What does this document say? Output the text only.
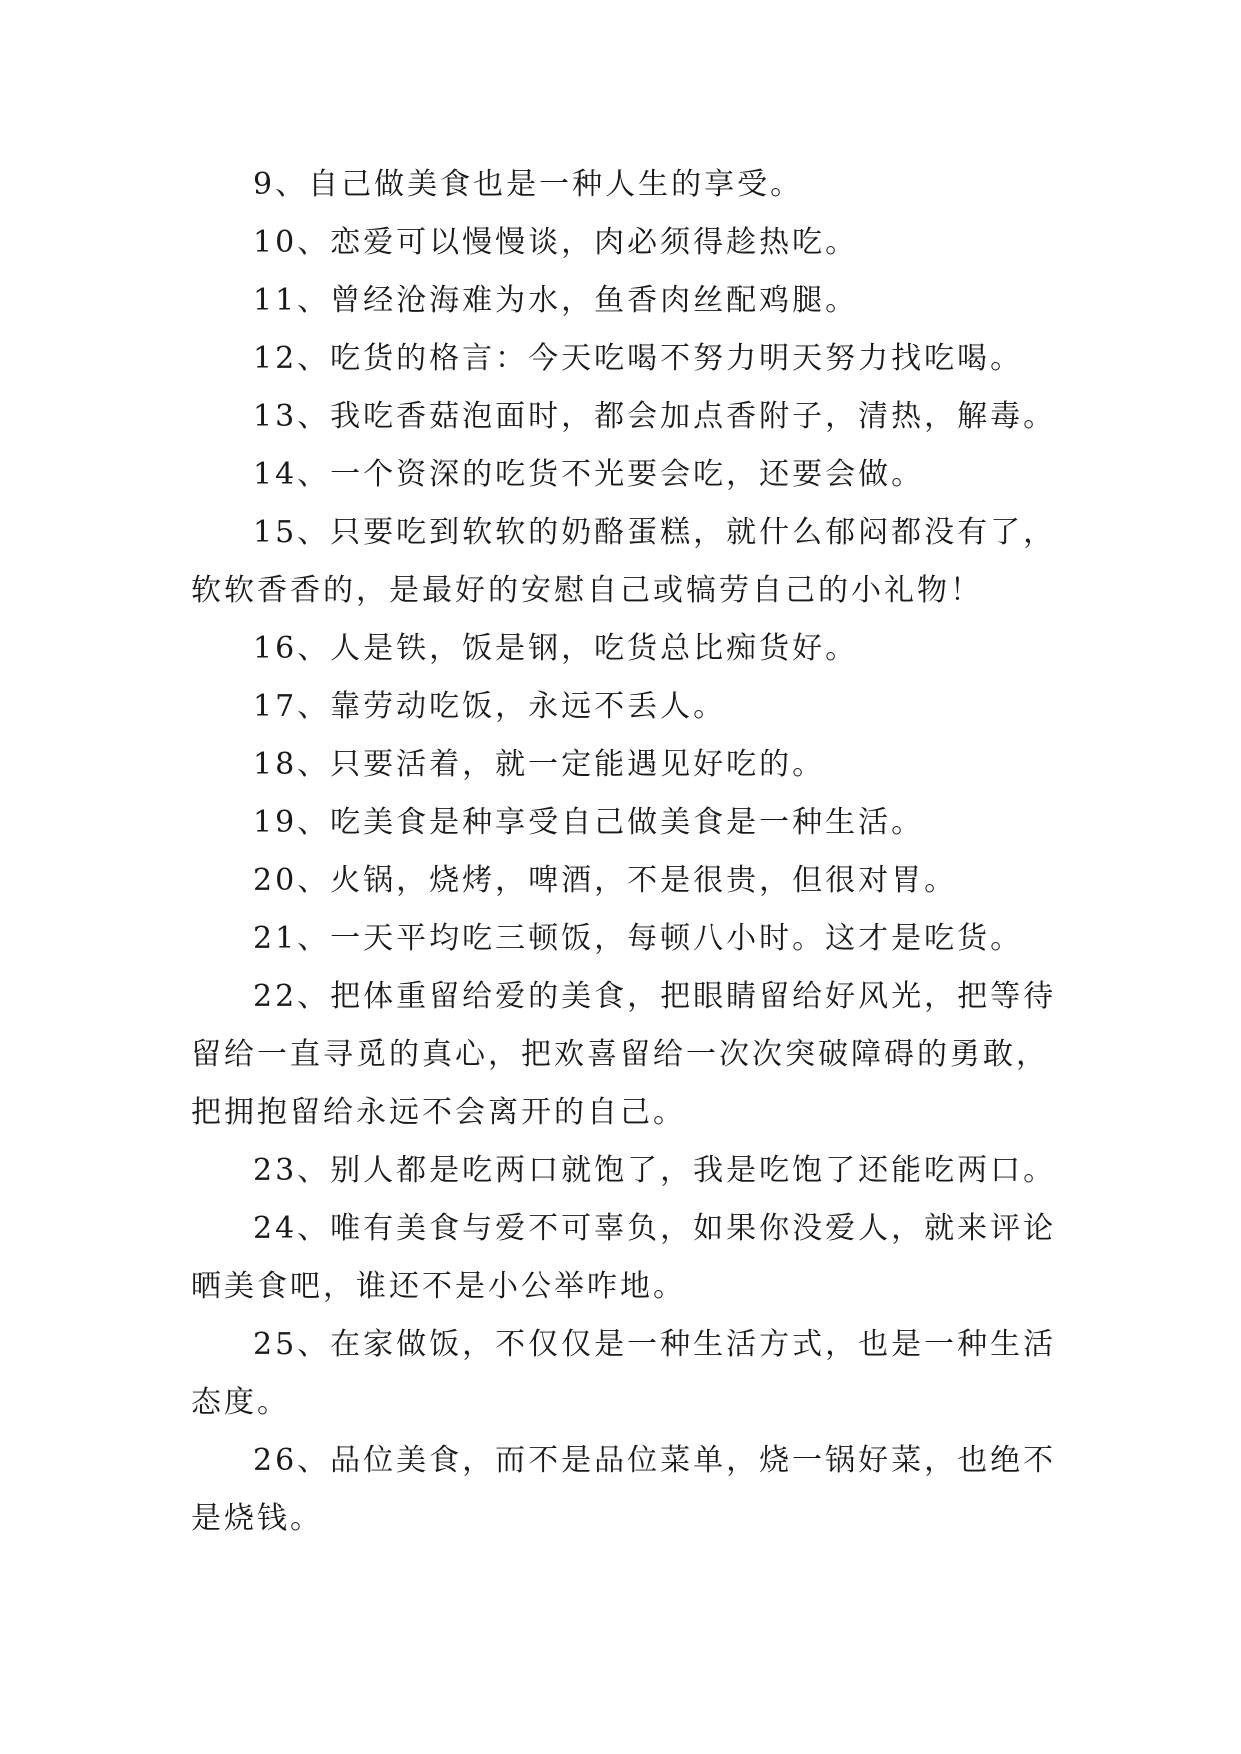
9、自己做美食也是一种人生的享受。

10、恋爱可以慢慢谈，肉必须得趁热吃。

11、曾经沧海难为水，鱼香肉丝配鸡腿。

12、吃货的格言：今天吃喝不努力明天努力找吃喝。

13、我吃香菇泡面时，都会加点香附子，清热，解毒。

14、一个资深的吃货不光要会吃，还要会做。

15、只要吃到软软的奶酪蛋糕，就什么郁闷都没有了，软软香香的，是最好的安慰自己或犒劳自己的小礼物！

16、人是铁，饭是钢，吃货总比痴货好。

17、靠劳动吃饭，永远不丢人。

18、只要活着，就一定能遇见好吃的。

19、吃美食是种享受自己做美食是一种生活。

20、火锅，烧烤，啤酒，不是很贵，但很对胃。

21、一天平均吃三顿饭，每顿八小时。这才是吃货。

22、把体重留给爱的美食，把眼睛留给好风光，把等待留给一直寻觅的真心，把欢喜留给一次次突破障碍的勇敢，把拥抱留给永远不会离开的自己。

23、别人都是吃两口就饱了，我是吃饱了还能吃两口。

24、唯有美食与爱不可辜负，如果你没爱人，就来评论晒美食吧，谁还不是小公举咋地。

25、在家做饭，不仅仅是一种生活方式，也是一种生活态度。

26、品位美食，而不是品位菜单，烧一锅好菜，也绝不是烧钱。
